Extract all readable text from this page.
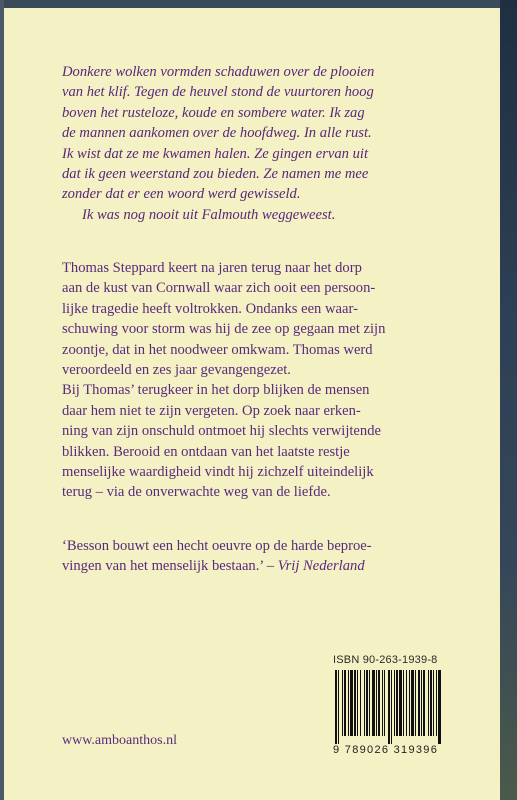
Donkere wolken vormden schaduwen over de plooien

van het klif. Tegen de heuvel stond de vuurtoren hoog

boven het rusteloze, koude en sombere water. Ik zag

de mannen aankomen over de hoofdweg. In alle rust.

Ik wist dat ze me kwamen halen. Ze gingen ervan uit

dat ik geen weerstand zou bieden. Ze namen me mee

zonder dat er een woord werd gewisseld.

Ik was nog nooit uit Falmouth weggeweest.

Thomas Steppard keert na jaren terug naar het dorp

aan de kust van Cornwall waar zich ooit een persoon-

lijke tragedie heeft voltrokken. Ondanks een waar-

schuwing voor storm was hij de zee op gegaan met zijn

zoontje, dat in het noodweer omkwam. Thomas werd

veroordeeld en zes jaar gevangengezet.

Bij Thomas’ terugkeer in het dorp blijken de mensen

daar hem niet te zijn vergeten. Op zoek naar erken-

ning van zijn onschuld ontmoet hij slechts verwijtende

blikken. Berooid en ontdaan van het laatste restje

menselijke waardigheid vindt hij zichzelf uiteindelijk

terug – via de onverwachte weg van de liefde.

‘Besson bouwt een hecht oeuvre op de harde beproe-
vingen van het menselijk bestaan.’ – Vrij Nederland
ISBN 90-263-1939-8
9 789026 319396
www.amboanthos.nl
